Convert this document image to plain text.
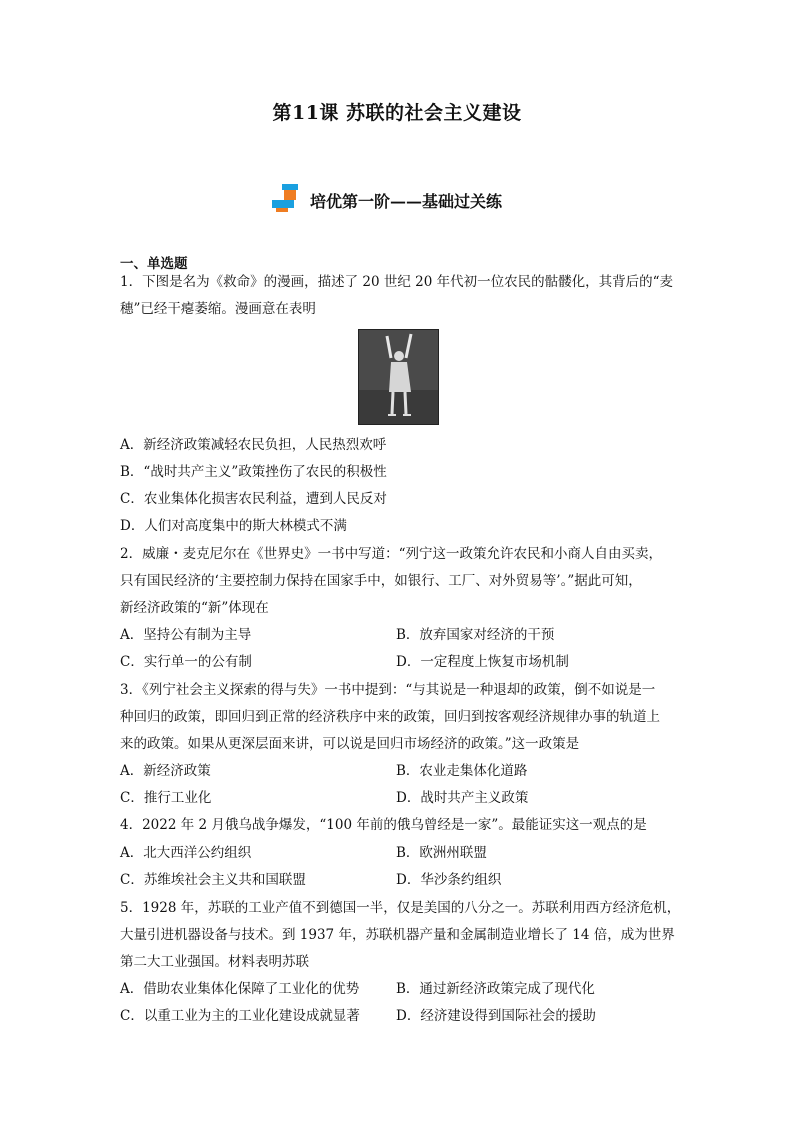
第11课 苏联的社会主义建设
培优第一阶——基础过关练
一、单选题
1．下图是名为《救命》的漫画，描述了 20 世纪 20 年代初一位农民的骷髅化，其背后的“麦
穗”已经干瘪萎缩。漫画意在表明
A．新经济政策减轻农民负担，人民热烈欢呼
B．“战时共产主义”政策挫伤了农民的积极性
C．农业集体化损害农民利益，遭到人民反对
D．人们对高度集中的斯大林模式不满
2．威廉・麦克尼尔在《世界史》一书中写道：“列宁这一政策允许农民和小商人自由买卖，
只有国民经济的‘主要控制力保持在国家手中，如银行、工厂、对外贸易等’。”据此可知，
新经济政策的“新”体现在
A．坚持公有制为主导	B．放弃国家对经济的干预
C．实行单一的公有制	D．一定程度上恢复市场机制
3．《列宁社会主义探索的得与失》一书中提到：“与其说是一种退却的政策，倒不如说是一
种回归的政策，即回归到正常的经济秩序中来的政策，回归到按客观经济规律办事的轨道上
来的政策。如果从更深层面来讲，可以说是回归市场经济的政策。”这一政策是
A．新经济政策	B．农业走集体化道路
C．推行工业化	D．战时共产主义政策
4．2022 年 2 月俄乌战争爆发，“100 年前的俄乌曾经是一家”。最能证实这一观点的是
A．北大西洋公约组织	B．欧洲州联盟
C．苏维埃社会主义共和国联盟	D．华沙条约组织
5．1928 年，苏联的工业产值不到德国一半，仅是美国的八分之一。苏联利用西方经济危机，
大量引进机器设备与技术。到 1937 年，苏联机器产量和金属制造业增长了 14 倍，成为世界
第二大工业强国。材料表明苏联
A．借助农业集体化保障了工业化的优势	B．通过新经济政策完成了现代化
C．以重工业为主的工业化建设成就显著	D．经济建设得到国际社会的援助
